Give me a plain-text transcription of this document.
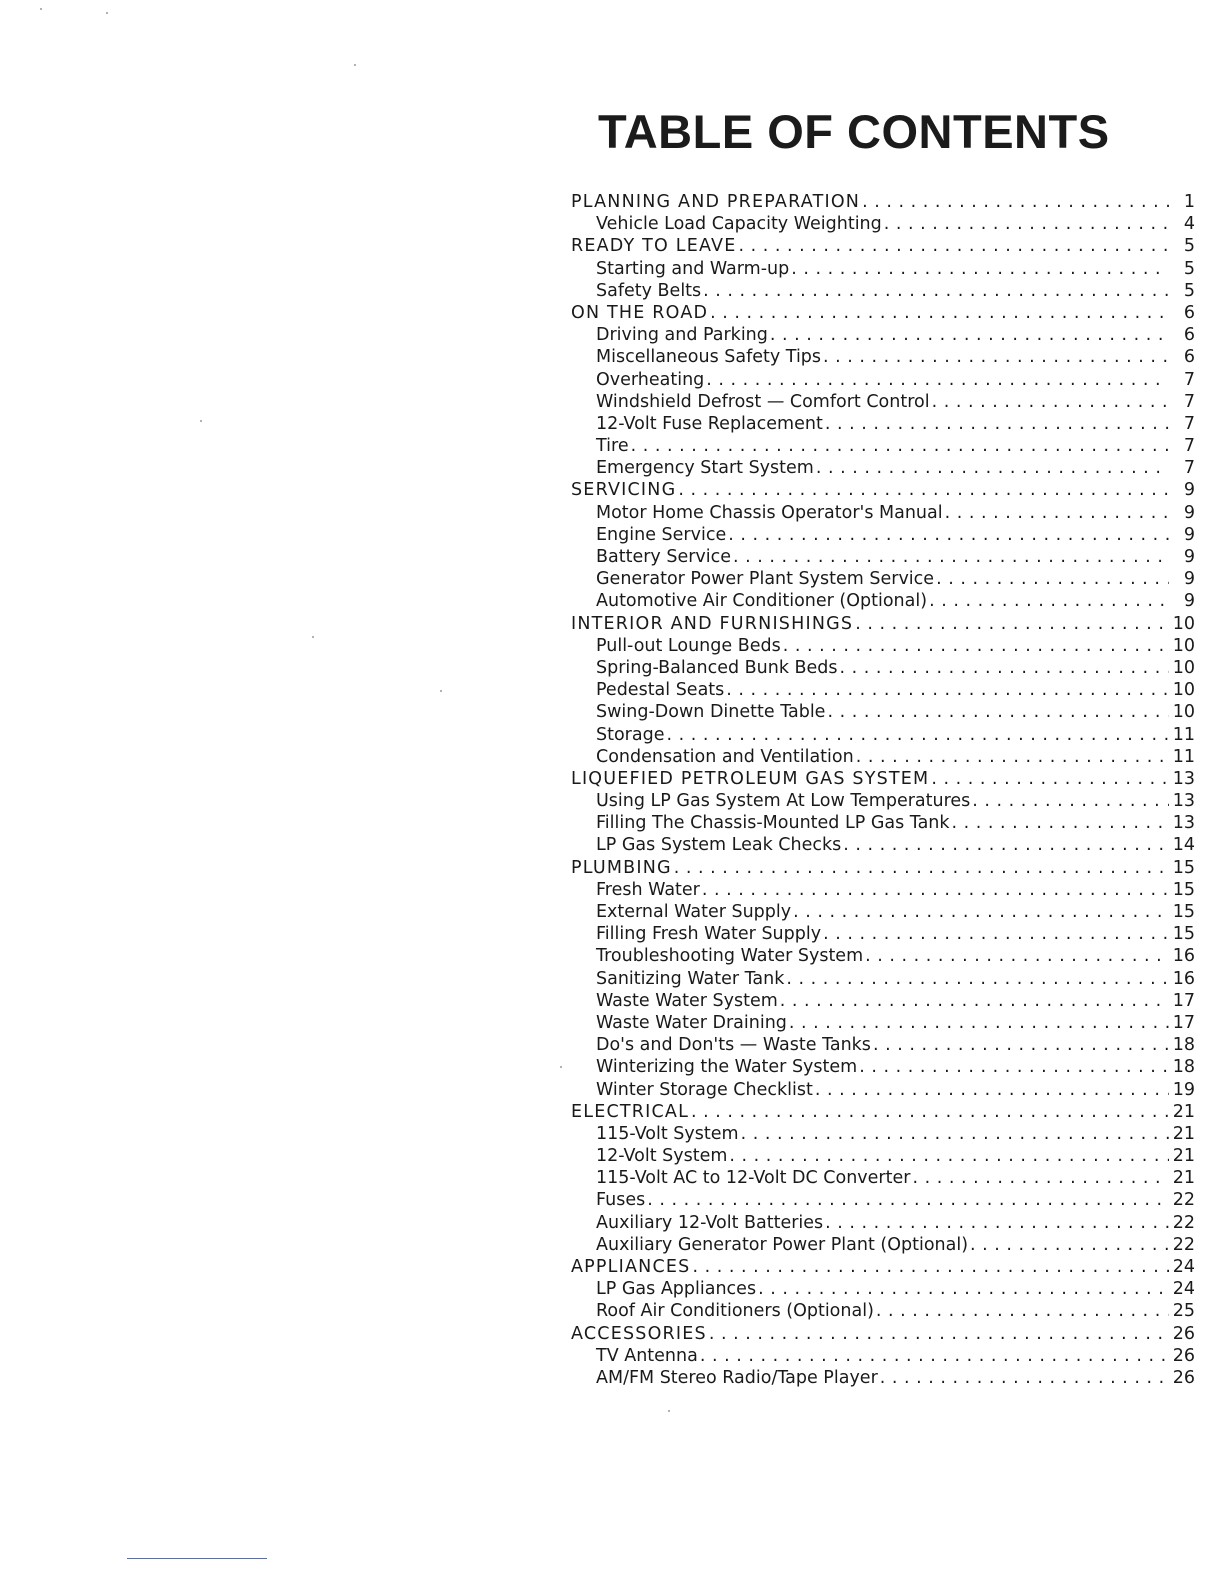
TABLE OF CONTENTS
PLANNING AND PREPARATION . . .	1
Vehicle Load Capacity Weighting . . .	4
READY TO LEAVE . . .	5
Starting and Warm-up . . .	5
Safety Belts . . .	5
ON THE ROAD . . .	6
Driving and Parking . . .	6
Miscellaneous Safety Tips . . .	6
Overheating . . .	7
Windshield Defrost — Comfort Control . . .	7
12-Volt Fuse Replacement . . .	7
Tire . . .	7
Emergency Start System . . .	7
SERVICING . . .	9
Motor Home Chassis Operator's Manual . . .	9
Engine Service . . .	9
Battery Service . . .	9
Generator Power Plant System Service . . .	9
Automotive Air Conditioner (Optional) . . .	9
INTERIOR AND FURNISHINGS . . .	10
Pull-out Lounge Beds . . .	10
Spring-Balanced Bunk Beds . . .	10
Pedestal Seats . . .	10
Swing-Down Dinette Table . . .	10
Storage . . .	11
Condensation and Ventilation . . .	11
LIQUEFIED PETROLEUM GAS SYSTEM . . .	13
Using LP Gas System At Low Temperatures . . .	13
Filling The Chassis-Mounted LP Gas Tank . . .	13
LP Gas System Leak Checks . . .	14
PLUMBING . . .	15
Fresh Water . . .	15
External Water Supply . . .	15
Filling Fresh Water Supply . . .	15
Troubleshooting Water System . . .	16
Sanitizing Water Tank . . .	16
Waste Water System . . .	17
Waste Water Draining . . .	17
Do's and Don'ts — Waste Tanks . . .	18
Winterizing the Water System . . .	18
Winter Storage Checklist . . .	19
ELECTRICAL . . .	21
115-Volt System . . .	21
12-Volt System . . .	21
115-Volt AC to 12-Volt DC Converter . . .	21
Fuses . . .	22
Auxiliary 12-Volt Batteries . . .	22
Auxiliary Generator Power Plant (Optional) . . .	22
APPLIANCES . . .	24
LP Gas Appliances . . .	24
Roof Air Conditioners (Optional) . . .	25
ACCESSORIES . . .	26
TV Antenna . . .	26
AM/FM Stereo Radio/Tape Player . . .	26
